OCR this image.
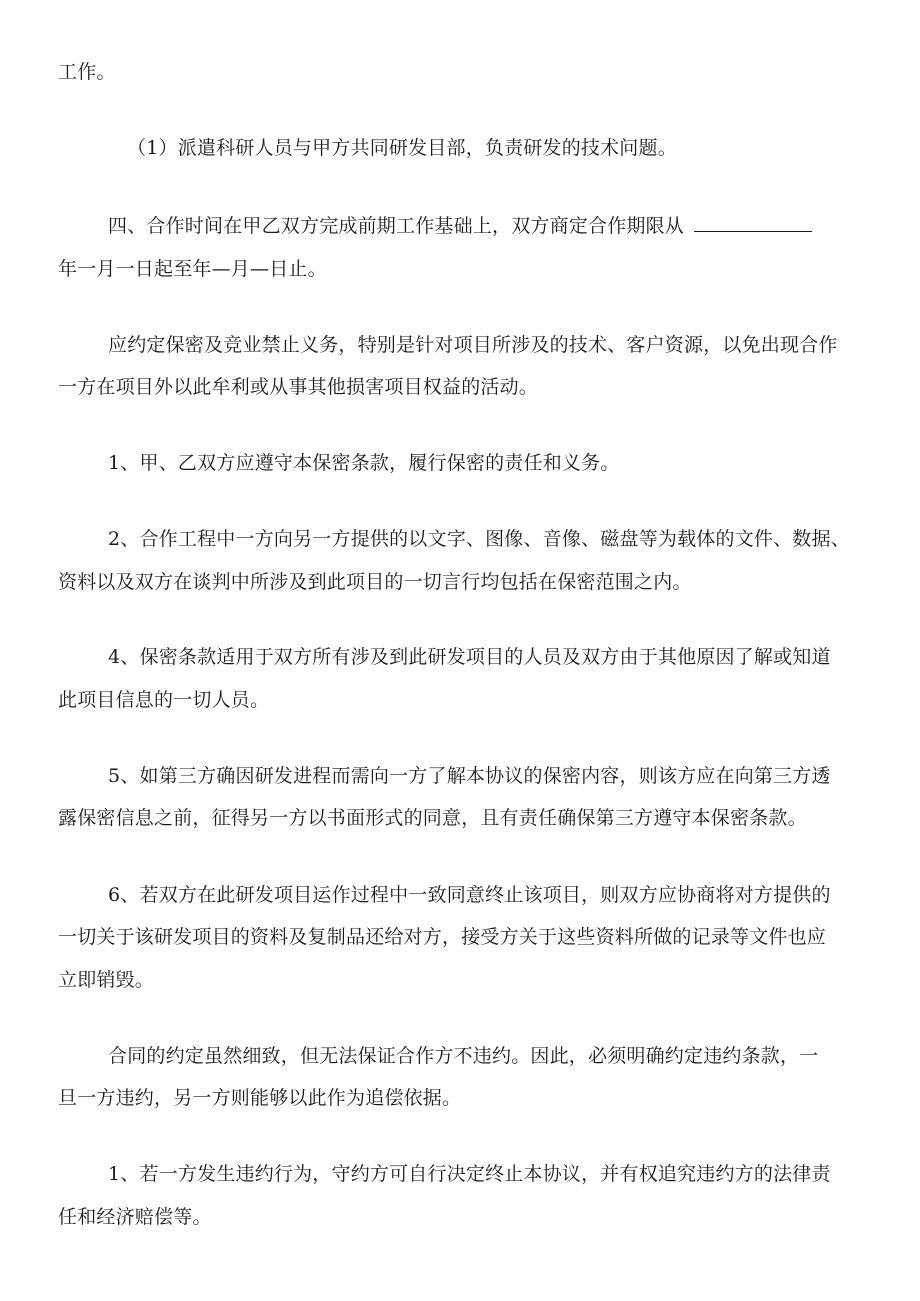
工作。
（1）派遣科研人员与甲方共同研发目部，负责研发的技术问题。
四、合作时间在甲乙双方完成前期工作基础上，双方商定合作期限从
年一月一日起至年—月—日止。
应约定保密及竞业禁止义务，特别是针对项目所涉及的技术、客户资源，以免出现合作
一方在项目外以此牟利或从事其他损害项目权益的活动。
1、甲、乙双方应遵守本保密条款，履行保密的责任和义务。
2、合作工程中一方向另一方提供的以文字、图像、音像、磁盘等为载体的文件、数据、
资料以及双方在谈判中所涉及到此项目的一切言行均包括在保密范围之内。
4、保密条款适用于双方所有涉及到此研发项目的人员及双方由于其他原因了解或知道
此项目信息的一切人员。
5、如第三方确因研发进程而需向一方了解本协议的保密内容，则该方应在向第三方透
露保密信息之前，征得另一方以书面形式的同意，且有责任确保第三方遵守本保密条款。
6、若双方在此研发项目运作过程中一致同意终止该项目，则双方应协商将对方提供的
一切关于该研发项目的资料及复制品还给对方，接受方关于这些资料所做的记录等文件也应
立即销毁。
合同的约定虽然细致，但无法保证合作方不违约。因此，必须明确约定违约条款，一
旦一方违约，另一方则能够以此作为追偿依据。
1、若一方发生违约行为，守约方可自行决定终止本协议，并有权追究违约方的法律责
任和经济赔偿等。
